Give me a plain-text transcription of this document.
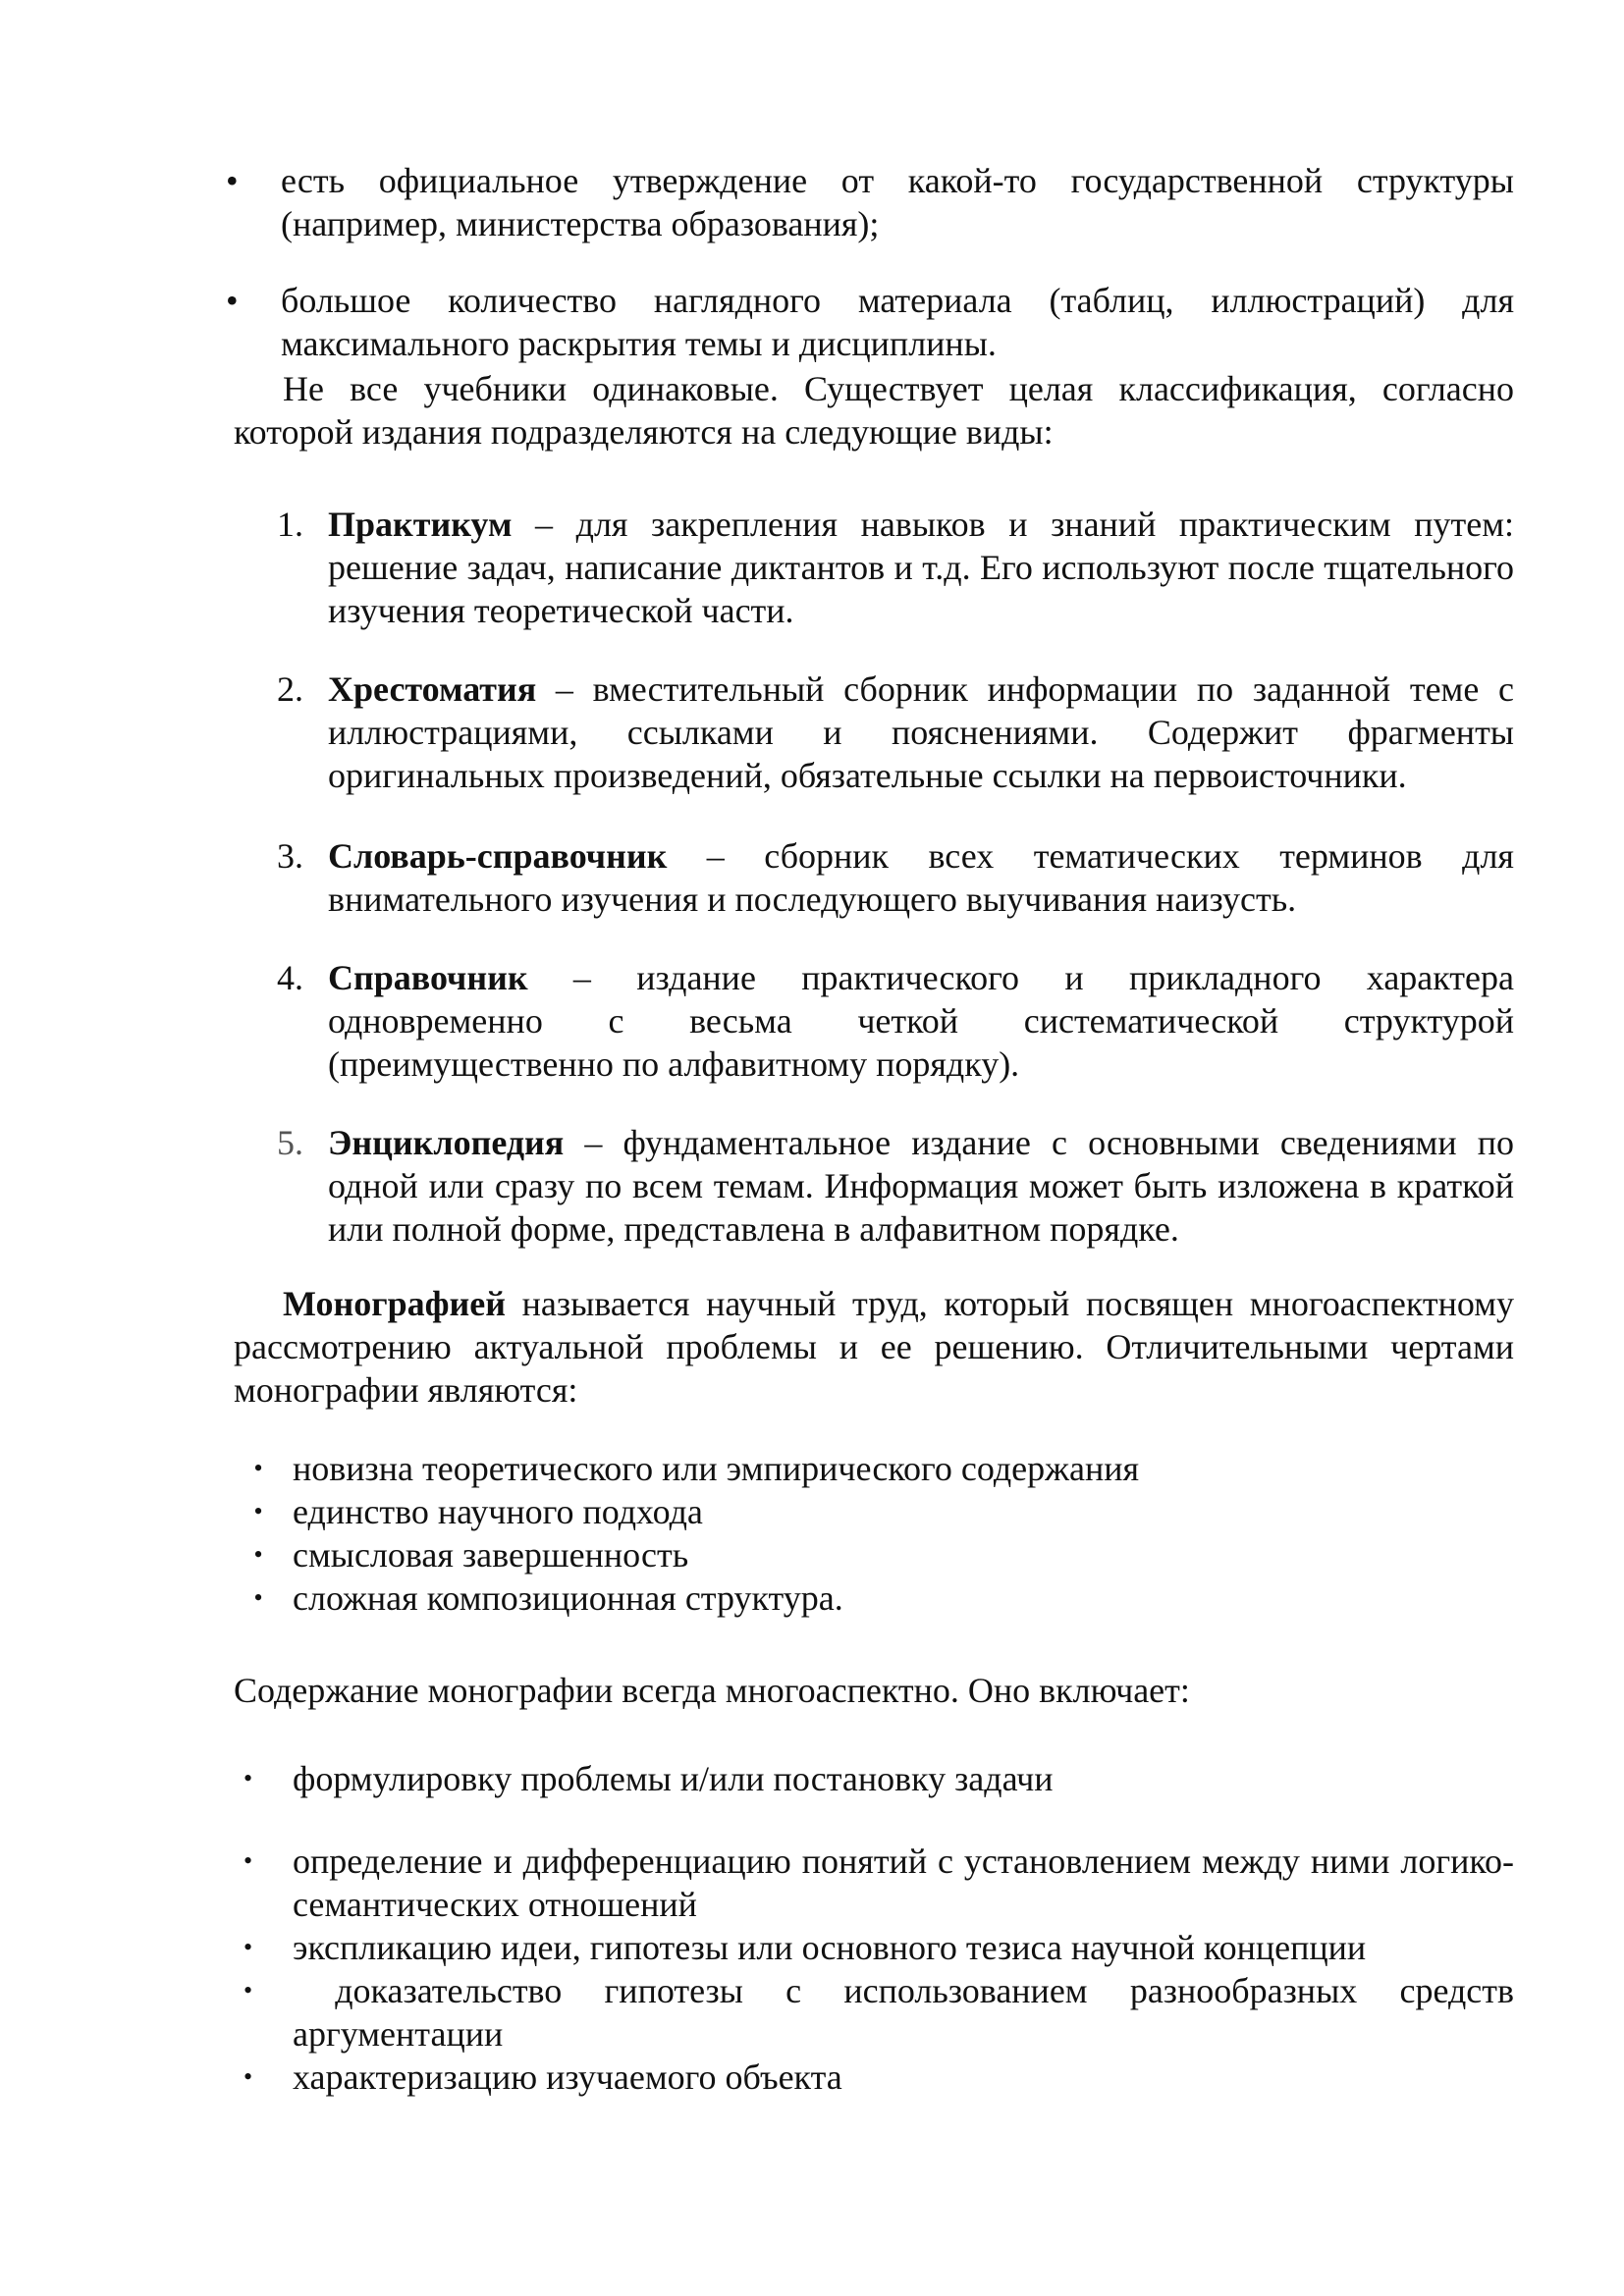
•	есть официальное утверждение от какой-то государственной структуры (например, министерства образования);
•	большое количество наглядного материала (таблиц, иллюстраций) для максимального раскрытия темы и дисциплины.
Не все учебники одинаковые. Существует целая классификация, согласно которой издания подразделяются на следующие виды:
1. Практикум – для закрепления навыков и знаний практическим путем: решение задач, написание диктантов и т.д. Его используют после тщательного изучения теоретической части.
2. Хрестоматия – вместительный сборник информации по заданной теме с иллюстрациями, ссылками и пояснениями. Содержит фрагменты оригинальных произведений, обязательные ссылки на первоисточники.
3. Словарь-справочник – сборник всех тематических терминов для внимательного изучения и последующего выучивания наизусть.
4. Справочник – издание практического и прикладного характера одновременно с весьма четкой систематической структурой (преимущественно по алфавитному порядку).
5. Энциклопедия – фундаментальное издание с основными сведениями по одной или сразу по всем темам. Информация может быть изложена в краткой или полной форме, представлена в алфавитном порядке.
Монографией называется научный труд, который посвящен многоаспектному рассмотрению актуальной проблемы и ее решению. Отличительными чертами монографии являются:
• новизна теоретического или эмпирического содержания
• единство научного подхода
• смысловая завершенность
• сложная композиционная структура.
Содержание монографии всегда многоаспектно. Оно включает:
•	формулировку проблемы и/или постановку задачи
•	определение и дифференциацию понятий с установлением между ними логико-семантических отношений
•	экспликацию идеи, гипотезы или основного тезиса научной концепции
•	доказательство гипотезы с использованием разнообразных средств аргументации
•	характеризацию изучаемого объекта
